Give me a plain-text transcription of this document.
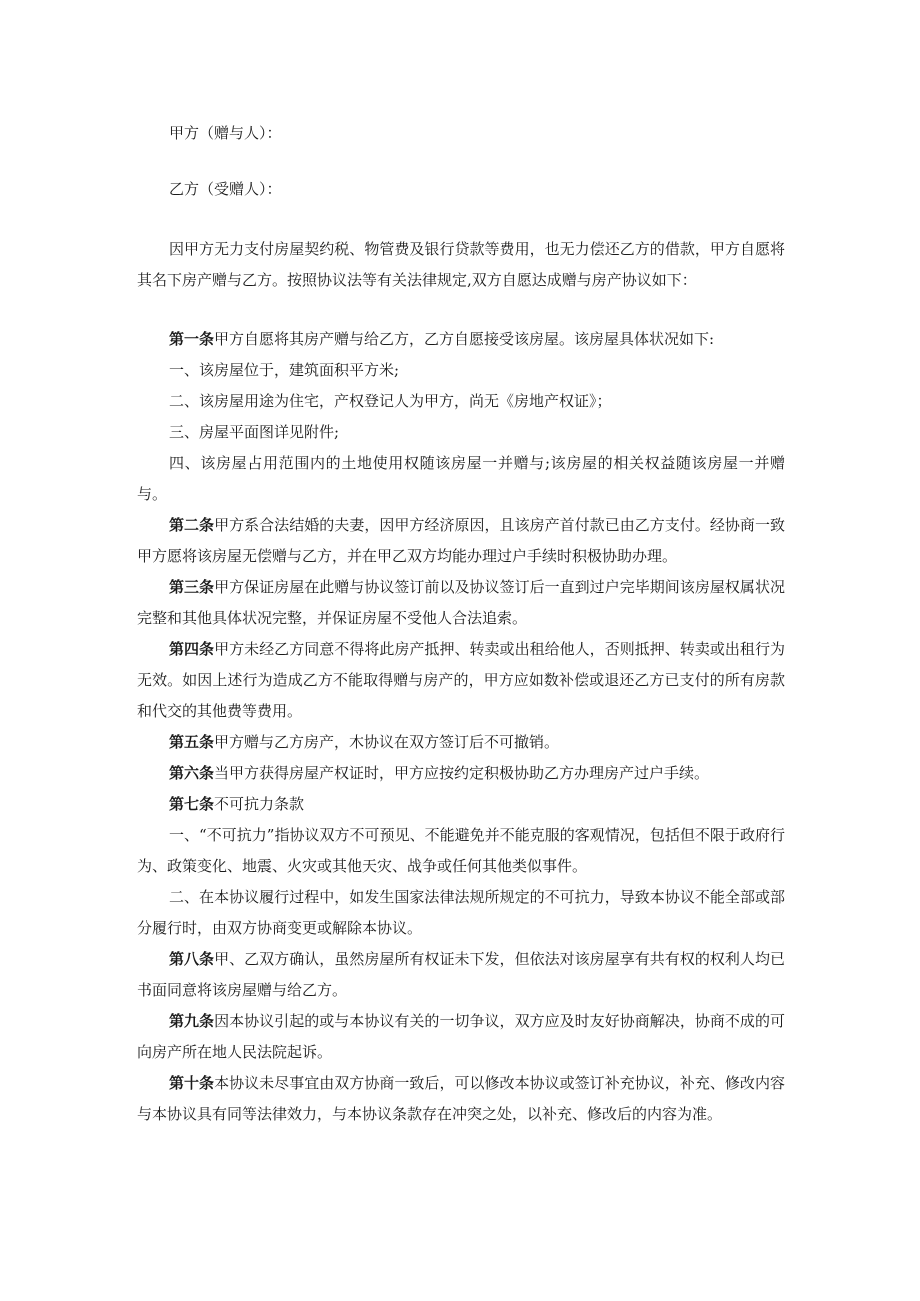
甲方（赠与人）：

乙方（受赠人）：

因甲方无力支付房屋契约税、物管费及银行贷款等费用，也无力偿还乙方的借款，甲方自愿将其名下房产赠与乙方。按照协议法等有关法律规定,双方自愿达成赠与房产协议如下：

第一条甲方自愿将其房产赠与给乙方，乙方自愿接受该房屋。该房屋具体状况如下:

一、该房屋位于，建筑面积平方米;

二、该房屋用途为住宅，产权登记人为甲方，尚无《房地产权证》；

三、房屋平面图详见附件;

四、该房屋占用范围内的土地使用权随该房屋一并赠与;该房屋的相关权益随该房屋一并赠与。

第二条甲方系合法结婚的夫妻，因甲方经济原因，且该房产首付款已由乙方支付。经协商一致甲方愿将该房屋无偿赠与乙方，并在甲乙双方均能办理过户手续时积极协助办理。

第三条甲方保证房屋在此赠与协议签订前以及协议签订后一直到过户完毕期间该房屋权属状况完整和其他具体状况完整，并保证房屋不受他人合法追索。

第四条甲方未经乙方同意不得将此房产抵押、转卖或出租给他人，否则抵押、转卖或出租行为无效。如因上述行为造成乙方不能取得赠与房产的，甲方应如数补偿或退还乙方已支付的所有房款和代交的其他费等费用。

第五条甲方赠与乙方房产，木协议在双方签订后不可撤销。

第六条当甲方获得房屋产权证时，甲方应按约定积极协助乙方办理房产过户手续。

第七条不可抗力条款

一、“不可抗力”指协议双方不可预见、不能避免并不能克服的客观情况，包括但不限于政府行为、政策变化、地震、火灾或其他天灾、战争或任何其他类似事件。

二、在本协议履行过程中，如发生国家法律法规所规定的不可抗力，导致本协议不能全部或部分履行时，由双方协商变更或解除本协议。

第八条甲、乙双方确认，虽然房屋所有权证未下发，但依法对该房屋享有共有权的权利人均已书面同意将该房屋赠与给乙方。

第九条因本协议引起的或与本协议有关的一切争议，双方应及时友好协商解决，协商不成的可向房产所在地人民法院起诉。

第十条本协议未尽事宜由双方协商一致后，可以修改本协议或签订补充协议，补充、修改内容与本协议具有同等法律效力，与本协议条款存在冲突之处，以补充、修改后的内容为准。
